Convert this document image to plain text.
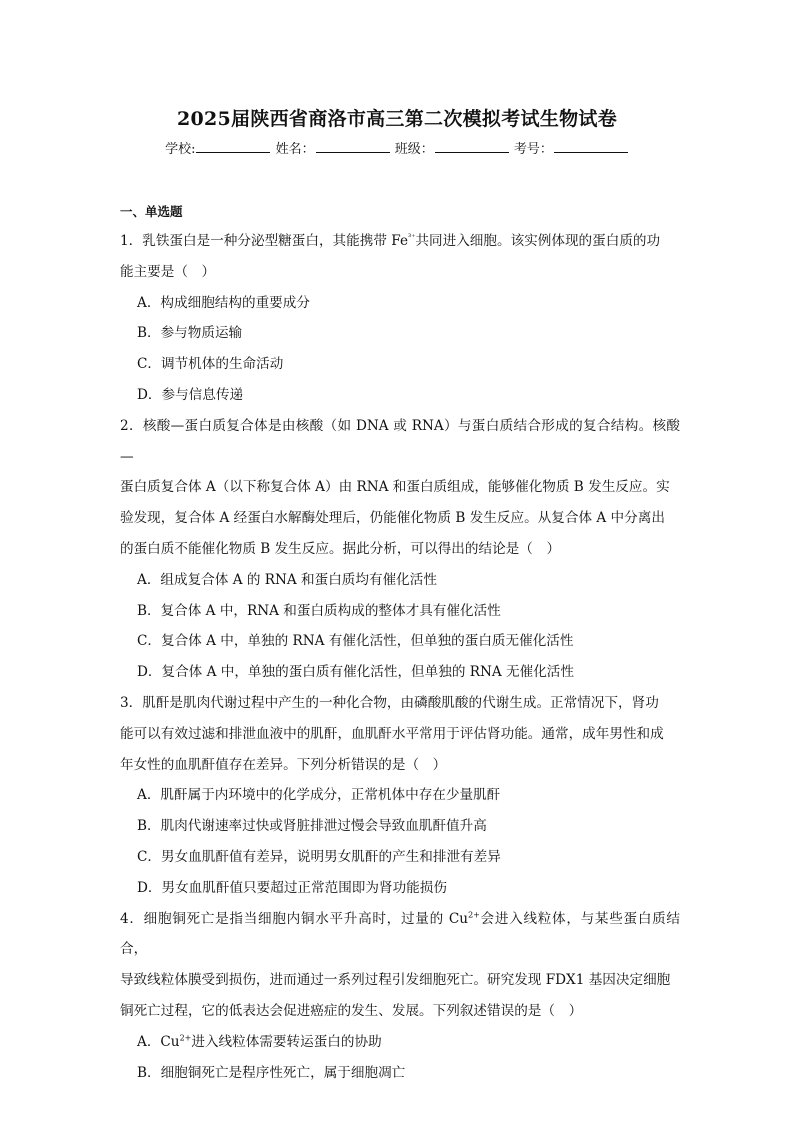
2025届陕西省商洛市高三第二次模拟考试生物试卷
学校:	姓名：	班级：	考号：
一、单选题

1．乳铁蛋白是一种分泌型糖蛋白，其能携带 $Fe^{^{3+}}$共同进入细胞。该实例体现的蛋白质的功

能主要是（　）

A．构成细胞结构的重要成分

B．参与物质运输

C．调节机体的生命活动

D．参与信息传递

2．核酸—蛋白质复合体是由核酸（如 DNA 或 RNA）与蛋白质结合形成的复合结构。核酸—

蛋白质复合体 A（以下称复合体 A）由 RNA 和蛋白质组成，能够催化物质 B 发生反应。实

验发现，复合体 A 经蛋白水解酶处理后，仍能催化物质 B 发生反应。从复合体 A 中分离出

的蛋白质不能催化物质 B 发生反应。据此分析，可以得出的结论是（　）

A．组成复合体 A 的 RNA 和蛋白质均有催化活性

B．复合体 A 中，RNA 和蛋白质构成的整体才具有催化活性

C．复合体 A 中，单独的 RNA 有催化活性，但单独的蛋白质无催化活性

D．复合体 A 中，单独的蛋白质有催化活性，但单独的 RNA 无催化活性

3．肌酐是肌肉代谢过程中产生的一种化合物，由磷酸肌酸的代谢生成。正常情况下，肾功

能可以有效过滤和排泄血液中的肌酐，血肌酐水平常用于评估肾功能。通常，成年男性和成

年女性的血肌酐值存在差异。下列分析错误的是（　）

A．肌酐属于内环境中的化学成分，正常机体中存在少量肌酐

B．肌肉代谢速率过快或肾脏排泄过慢会导致血肌酐值升高

C．男女血肌酐值有差异，说明男女肌酐的产生和排泄有差异

D．男女血肌酐值只要超过正常范围即为肾功能损伤

4．细胞铜死亡是指当细胞内铜水平升高时，过量的 $Cu^{2+}$会进入线粒体，与某些蛋白质结合，

导致线粒体膜受到损伤，进而通过一系列过程引发细胞死亡。研究发现 FDX1 基因决定细胞

铜死亡过程，它的低表达会促进癌症的发生、发展。下列叙述错误的是（　）

A．$Cu^{2+}$进入线粒体需要转运蛋白的协助

B．细胞铜死亡是程序性死亡，属于细胞凋亡
